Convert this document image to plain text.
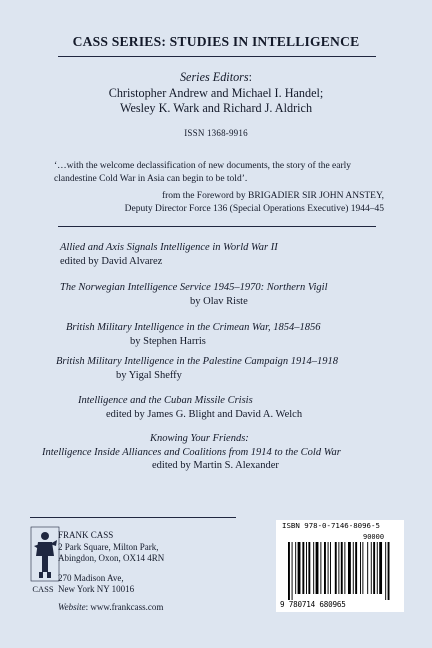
CASS SERIES: STUDIES IN INTELLIGENCE
Series Editors:
Christopher Andrew and Michael I. Handel;
Wesley K. Wark and Richard J. Aldrich
ISSN 1368-9916
‘…with the welcome declassification of new documents, the story of the early clandestine Cold War in Asia can begin to be told’.
from the Foreword by BRIGADIER SIR JOHN ANSTEY,
Deputy Director Force 136 (Special Operations Executive) 1944–45
Allied and Axis Signals Intelligence in World War II
edited by David Alvarez
The Norwegian Intelligence Service 1945–1970: Northern Vigil
by Olav Riste
British Military Intelligence in the Crimean War, 1854–1856
by Stephen Harris
British Military Intelligence in the Palestine Campaign 1914–1918
by Yigal Sheffy
Intelligence and the Cuban Missile Crisis
edited by James G. Blight and David A. Welch
Knowing Your Friends:
Intelligence Inside Alliances and Coalitions from 1914 to the Cold War
edited by Martin S. Alexander
CASS
FRANK CASS
2 Park Square, Milton Park,
Abingdon, Oxon, OX14 4RN
270 Madison Ave,
New York NY 10016
Website: www.frankcass.com
ISBN 978-0-7146-8096-5
90000
9 780714 680965
